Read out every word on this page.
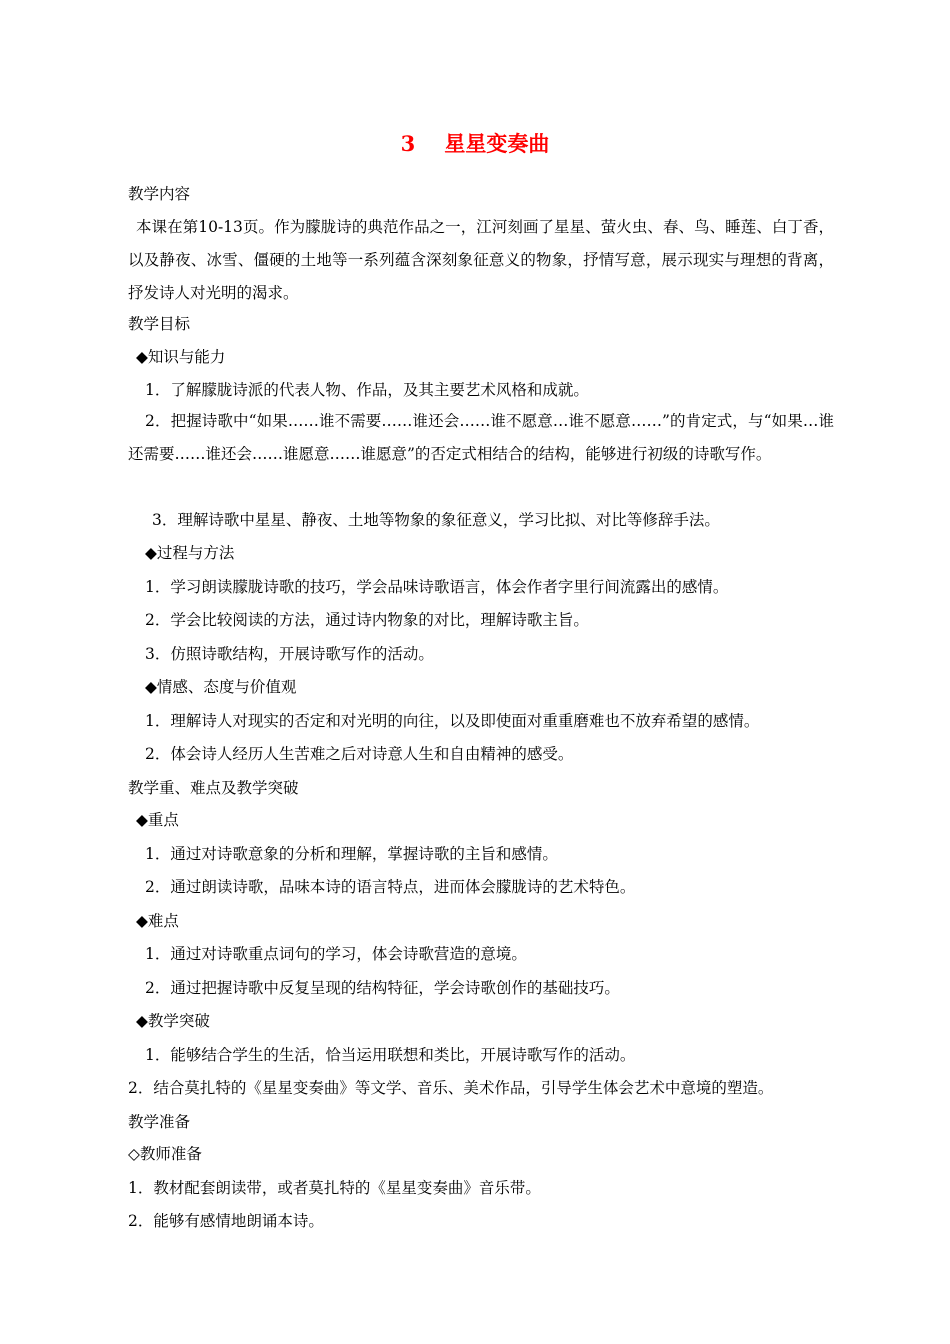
3    星星变奏曲
教学内容
本课在第10-13页。作为朦胧诗的典范作品之一，江河刻画了星星、萤火虫、春、鸟、睡莲、白丁香，以及静夜、冰雪、僵硬的土地等一系列蕴含深刻象征意义的物象，抒情写意，展示现实与理想的背离，抒发诗人对光明的渴求。
教学目标
◆知识与能力
1．了解朦胧诗派的代表人物、作品，及其主要艺术风格和成就。
2．把握诗歌中“如果……谁不需要……谁还会……谁不愿意…谁不愿意……”的肯定式，与“如果…谁还需要……谁还会……谁愿意……谁愿意”的否定式相结合的结构，能够进行初级的诗歌写作。
3．理解诗歌中星星、静夜、土地等物象的象征意义，学习比拟、对比等修辞手法。
◆过程与方法
1．学习朗读朦胧诗歌的技巧，学会品味诗歌语言，体会作者字里行间流露出的感情。
2．学会比较阅读的方法，通过诗内物象的对比，理解诗歌主旨。
3．仿照诗歌结构，开展诗歌写作的活动。
◆情感、态度与价值观
1．理解诗人对现实的否定和对光明的向往，以及即使面对重重磨难也不放弃希望的感情。
2．体会诗人经历人生苦难之后对诗意人生和自由精神的感受。
教学重、难点及教学突破
◆重点
1．通过对诗歌意象的分析和理解，掌握诗歌的主旨和感情。
2．通过朗读诗歌，品味本诗的语言特点，进而体会朦胧诗的艺术特色。
◆难点
1．通过对诗歌重点词句的学习，体会诗歌营造的意境。
2．通过把握诗歌中反复呈现的结构特征，学会诗歌创作的基础技巧。
◆教学突破
1．能够结合学生的生活，恰当运用联想和类比，开展诗歌写作的活动。
2．结合莫扎特的《星星变奏曲》等文学、音乐、美术作品，引导学生体会艺术中意境的塑造。
教学准备
◇教师准备
1．教材配套朗读带，或者莫扎特的《星星变奏曲》音乐带。
2．能够有感情地朗诵本诗。
